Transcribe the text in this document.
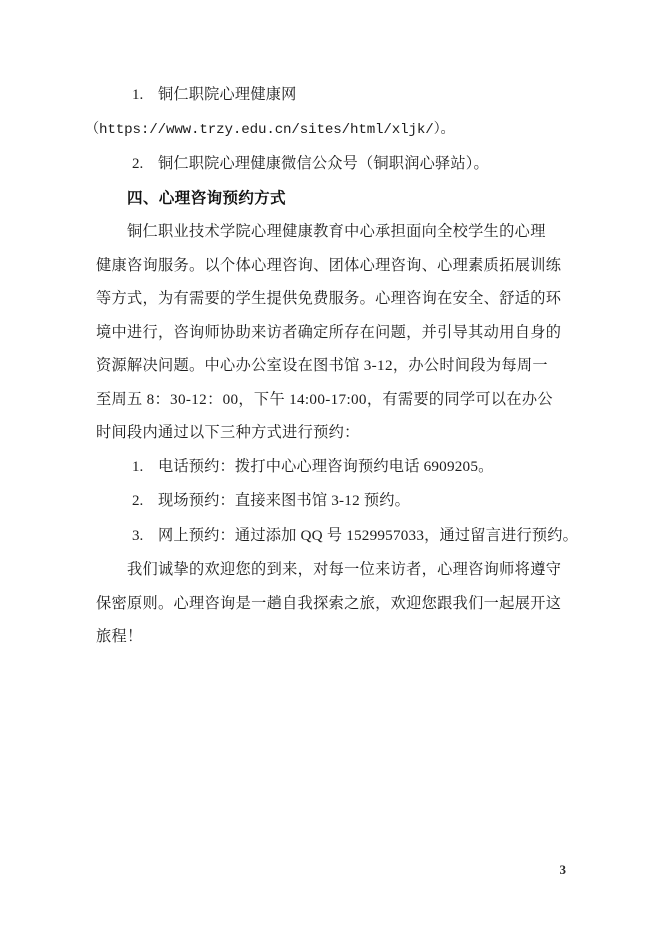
1. 铜仁职院心理健康网
（https://www.trzy.edu.cn/sites/html/xljk/）。
2. 铜仁职院心理健康微信公众号（铜职润心驿站）。
四、心理咨询预约方式
铜仁职业技术学院心理健康教育中心承担面向全校学生的心理
健康咨询服务。以个体心理咨询、团体心理咨询、心理素质拓展训练
等方式，为有需要的学生提供免费服务。心理咨询在安全、舒适的环
境中进行，咨询师协助来访者确定所存在问题，并引导其动用自身的
资源解决问题。中心办公室设在图书馆 3-12，办公时间段为每周一
至周五 8：30-12：00，下午 14:00-17:00，有需要的同学可以在办公
时间段内通过以下三种方式进行预约：
1. 电话预约：拨打中心心理咨询预约电话 6909205。
2. 现场预约：直接来图书馆 3-12 预约。
3. 网上预约：通过添加 QQ 号 1529957033，通过留言进行预约。
我们诚挚的欢迎您的到来，对每一位来访者，心理咨询师将遵守
保密原则。心理咨询是一趟自我探索之旅，欢迎您跟我们一起展开这
旅程！
3
